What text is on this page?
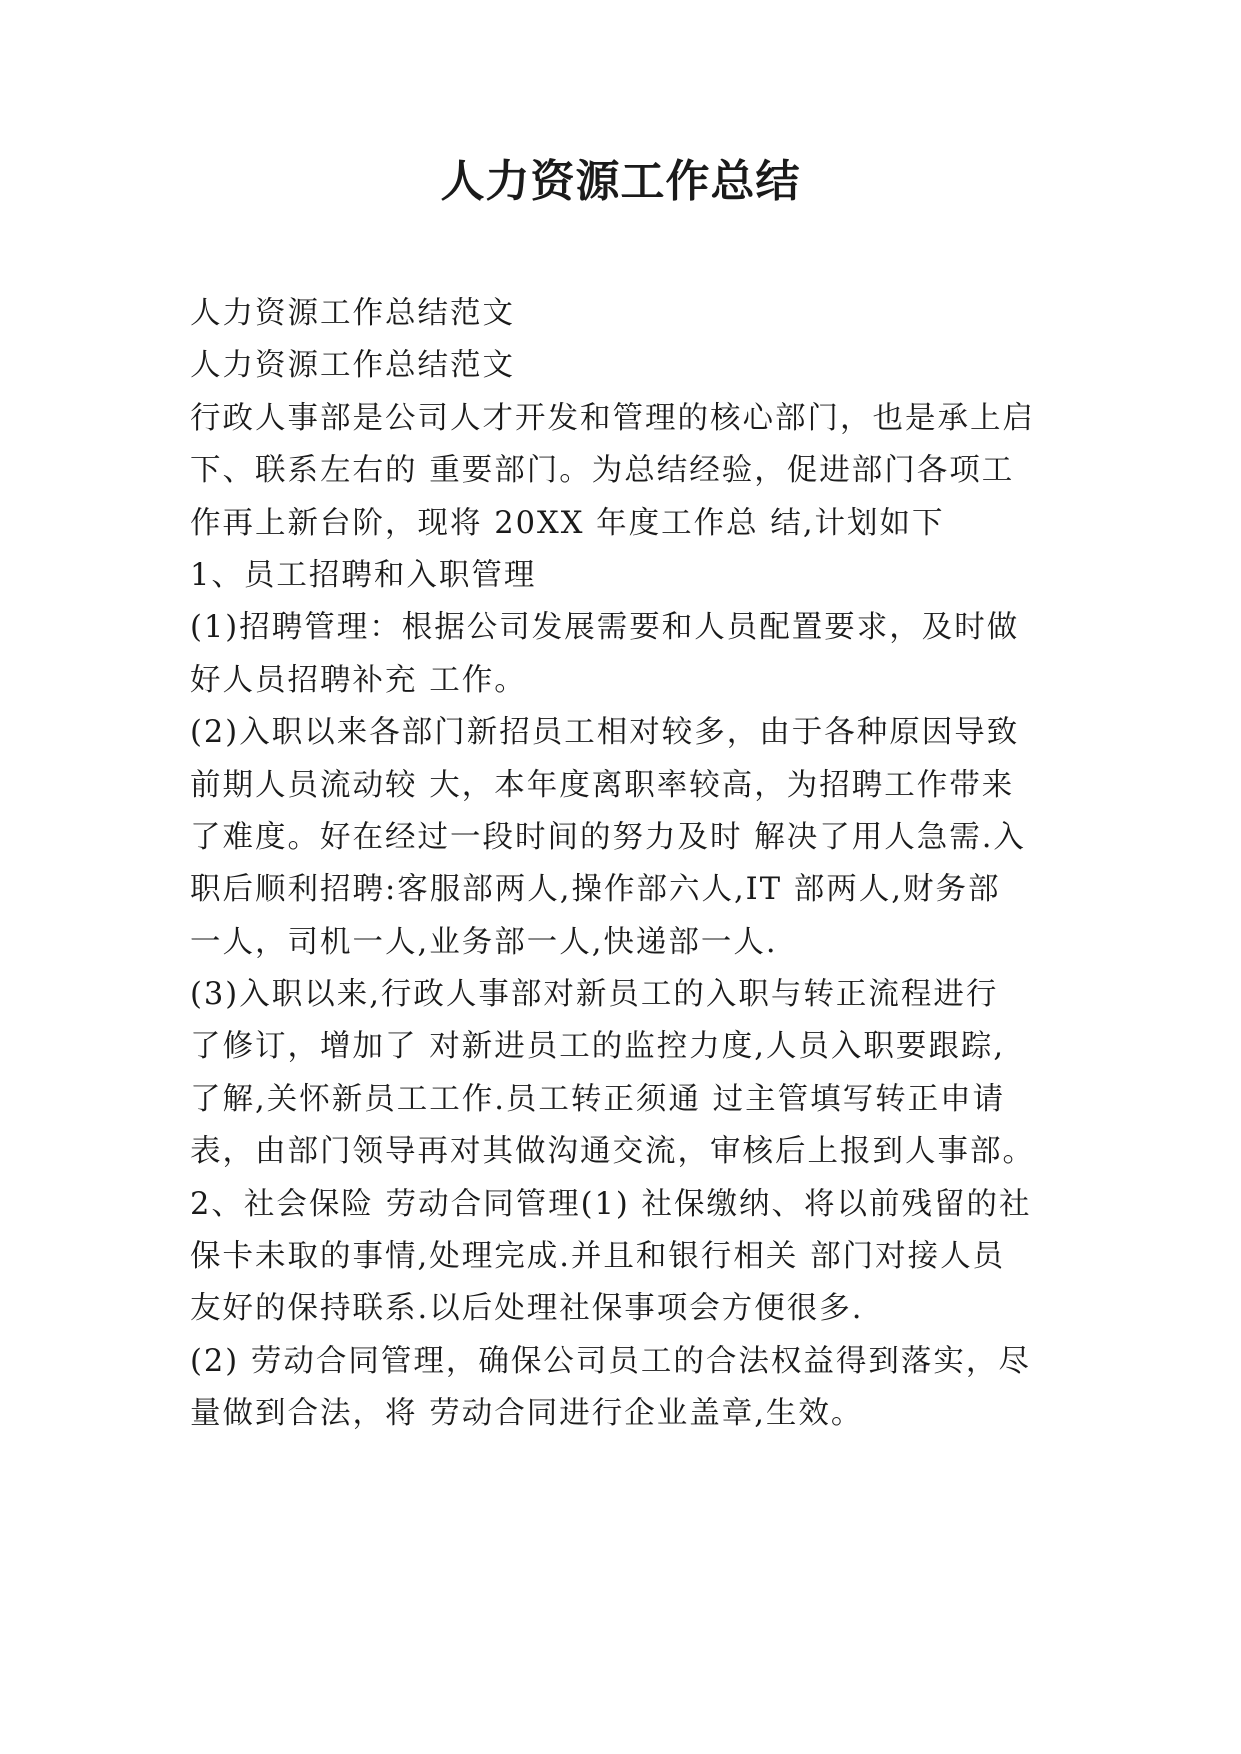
人力资源工作总结
人力资源工作总结范文
人力资源工作总结范文
行政人事部是公司人才开发和管理的核心部门，也是承上启
下、联系左右的 重要部门。为总结经验，促进部门各项工
作再上新台阶，现将 20XX 年度工作总 结,计划如下
1、员工招聘和入职管理
(1)招聘管理：根据公司发展需要和人员配置要求，及时做
好人员招聘补充 工作。
(2)入职以来各部门新招员工相对较多，由于各种原因导致
前期人员流动较 大，本年度离职率较高，为招聘工作带来
了难度。好在经过一段时间的努力及时 解决了用人急需.入
职后顺利招聘:客服部两人,操作部六人,IT 部两人,财务部
一人，司机一人,业务部一人,快递部一人.
(3)入职以来,行政人事部对新员工的入职与转正流程进行
了修订，增加了 对新进员工的监控力度,人员入职要跟踪,
了解,关怀新员工工作.员工转正须通 过主管填写转正申请
表，由部门领导再对其做沟通交流，审核后上报到人事部。
2、社会保险 劳动合同管理(1) 社保缴纳、将以前残留的社
保卡未取的事情,处理完成.并且和银行相关 部门对接人员
友好的保持联系.以后处理社保事项会方便很多.
(2) 劳动合同管理，确保公司员工的合法权益得到落实，尽
量做到合法，将 劳动合同进行企业盖章,生效。
